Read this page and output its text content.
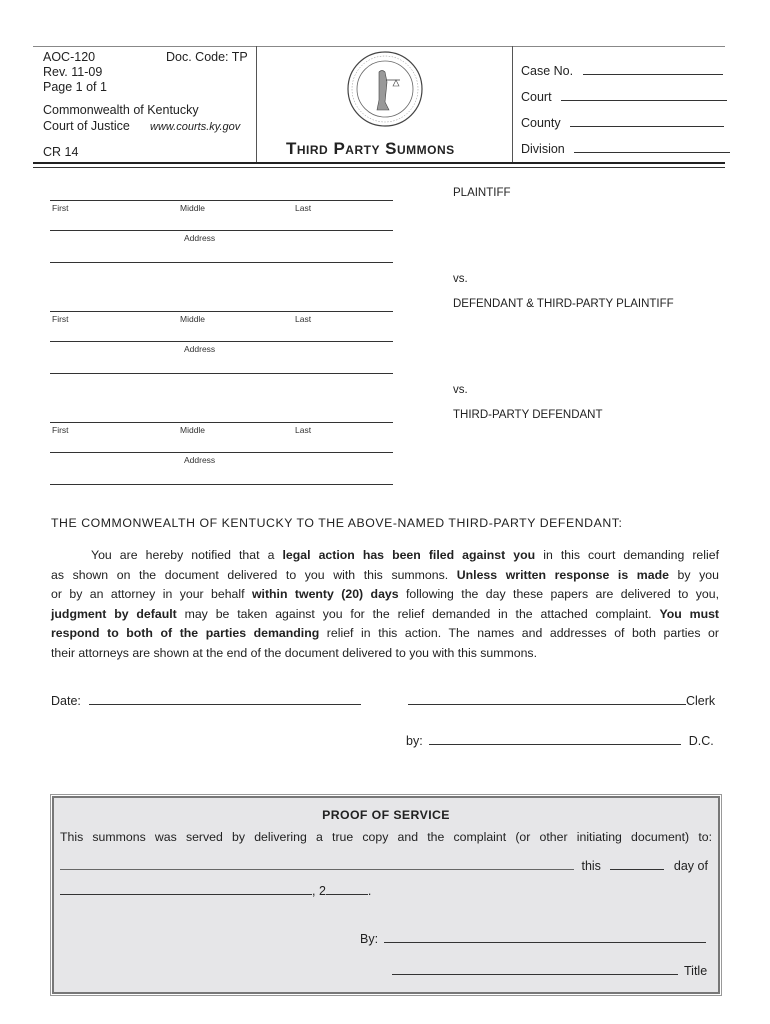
AOC-120	Doc. Code: TP
Rev. 11-09
Page 1 of 1
Commonwealth of Kentucky
Court of Justice www.courts.ky.gov
CR 14	Third Party Summons
Case No.
Court
County
Division
First	Middle	Last
Address
PLAINTIFF
vs.
DEFENDANT & THIRD-PARTY PLAINTIFF
First	Middle	Last
Address
vs.
THIRD-PARTY DEFENDANT
First	Middle	Last
Address
THE COMMONWEALTH OF KENTUCKY TO THE ABOVE-NAMED THIRD-PARTY DEFENDANT:
You are hereby notified that a legal action has been filed against you in this court demanding relief
as shown on the document delivered to you with this summons. Unless written response is made by you
or by an attorney in your behalf within twenty (20) days following the day these papers are delivered to you,
judgment by default may be taken against you for the relief demanded in the attached complaint. You must
respond to both of the parties demanding relief in this action. The names and addresses of both parties or
their attorneys are shown at the end of the document delivered to you with this summons.
Date:	Clerk
by:	D.C.
PROOF OF SERVICE
This summons was served by delivering a true copy and the complaint (or other initiating document) to:
this	day of
, 2	.
By:
Title
